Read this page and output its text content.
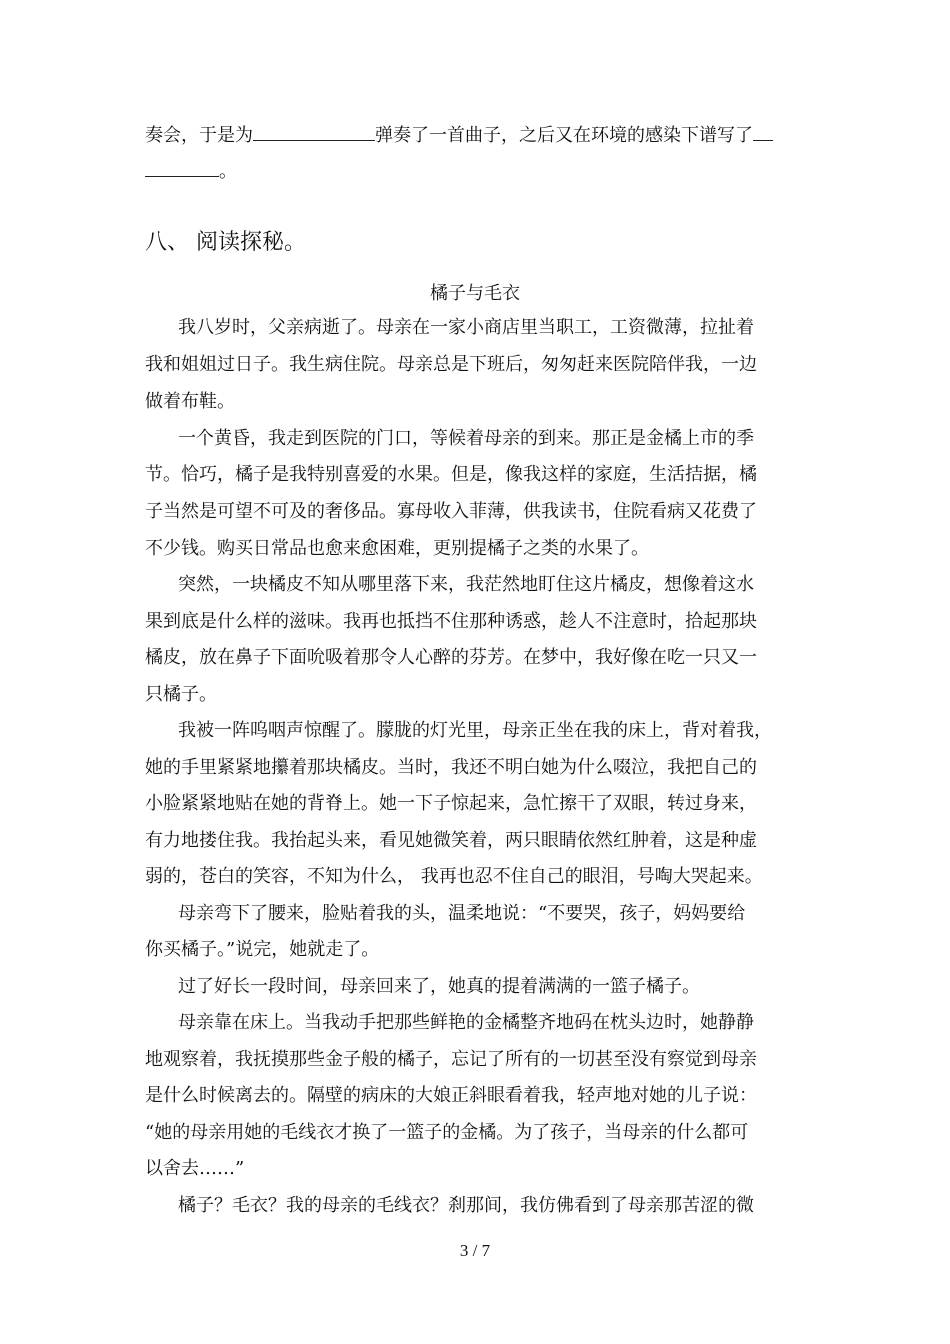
奏会，于是为	弹奏了一首曲子，之后又在环境的感染下谱写了
。
八、 阅读探秘。
橘子与毛衣
我八岁时，父亲病逝了。母亲在一家小商店里当职工，工资微薄，拉扯着
我和姐姐过日子。我生病住院。母亲总是下班后，匆匆赶来医院陪伴我，一边
做着布鞋。
一个黄昏，我走到医院的门口，等候着母亲的到来。那正是金橘上市的季
节。恰巧，橘子是我特别喜爱的水果。但是，像我这样的家庭，生活拮据，橘
子当然是可望不可及的奢侈品。寡母收入菲薄，供我读书，住院看病又花费了
不少钱。购买日常品也愈来愈困难，更别提橘子之类的水果了。
突然，一块橘皮不知从哪里落下来，我茫然地盯住这片橘皮，想像着这水
果到底是什么样的滋味。我再也抵挡不住那种诱惑，趁人不注意时，拾起那块
橘皮，放在鼻子下面吮吸着那令人心醉的芬芳。在梦中，我好像在吃一只又一
只橘子。
我被一阵呜咽声惊醒了。朦胧的灯光里，母亲正坐在我的床上，背对着我，
她的手里紧紧地攥着那块橘皮。当时，我还不明白她为什么啜泣，我把自己的
小脸紧紧地贴在她的背脊上。她一下子惊起来，急忙擦干了双眼，转过身来，
有力地搂住我。我抬起头来，看见她微笑着，两只眼睛依然红肿着，这是种虚
弱的，苍白的笑容，不知为什么， 我再也忍不住自己的眼泪，号啕大哭起来。
母亲弯下了腰来，脸贴着我的头，温柔地说：“不要哭，孩子，妈妈要给
你买橘子。”说完，她就走了。
过了好长一段时间，母亲回来了，她真的提着满满的一篮子橘子。
母亲靠在床上。当我动手把那些鲜艳的金橘整齐地码在枕头边时，她静静
地观察着，我抚摸那些金子般的橘子，忘记了所有的一切甚至没有察觉到母亲
是什么时候离去的。隔壁的病床的大娘正斜眼看着我，轻声地对她的儿子说：
“她的母亲用她的毛线衣才换了一篮子的金橘。为了孩子，当母亲的什么都可
以舍去……”
橘子？毛衣？我的母亲的毛线衣？刹那间，我仿佛看到了母亲那苦涩的微
3 / 7
